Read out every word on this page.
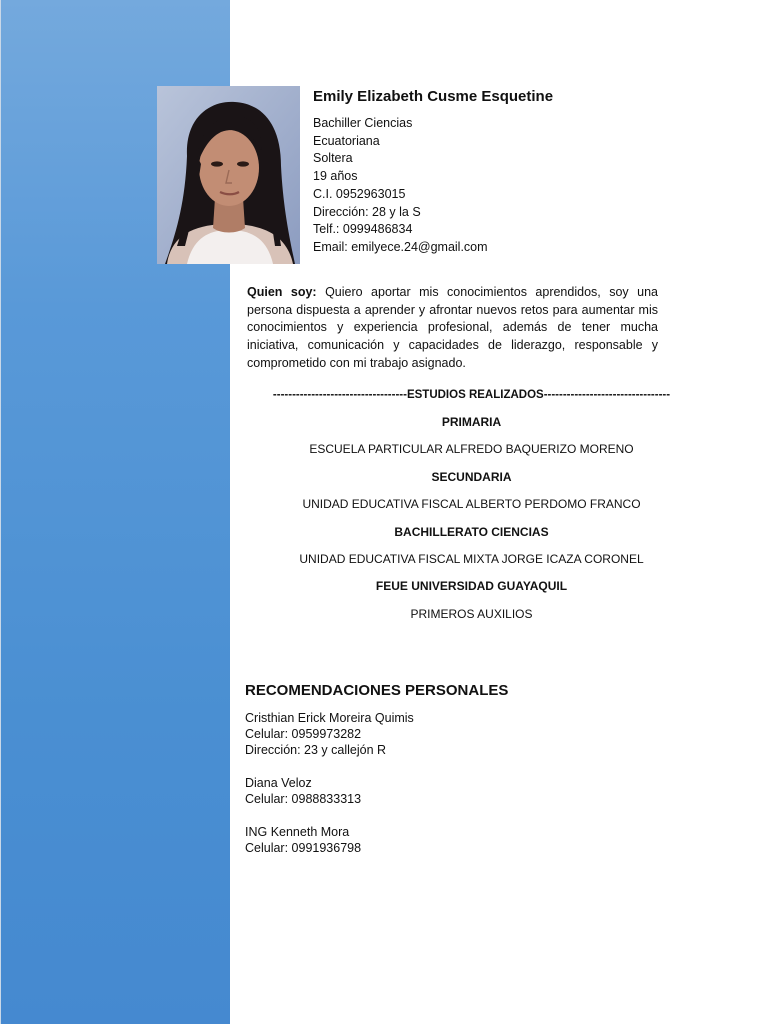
Emily Elizabeth Cusme Esquetine
Bachiller Ciencias
Ecuatoriana
Soltera
19 años
C.I. 0952963015
Dirección: 28 y la S
Telf.: 0999486834
Email: emilyece.24@gmail.com
Quien soy: Quiero aportar mis conocimientos aprendidos, soy una persona dispuesta a aprender y afrontar nuevos retos para aumentar mis conocimientos y experiencia profesional, además de tener mucha iniciativa, comunicación y capacidades de liderazgo, responsable y comprometido con mi trabajo asignado.
-----------------------------------ESTUDIOS REALIZADOS---------------------------------
PRIMARIA
ESCUELA PARTICULAR ALFREDO BAQUERIZO MORENO
SECUNDARIA
UNIDAD EDUCATIVA FISCAL ALBERTO PERDOMO FRANCO
BACHILLERATO CIENCIAS
UNIDAD EDUCATIVA FISCAL MIXTA JORGE ICAZA CORONEL
FEUE UNIVERSIDAD GUAYAQUIL
PRIMEROS AUXILIOS
RECOMENDACIONES PERSONALES
Cristhian Erick Moreira Quimis
Celular: 0959973282
Dirección: 23 y callejón R
Diana Veloz
Celular: 0988833313
ING Kenneth Mora
Celular: 0991936798
